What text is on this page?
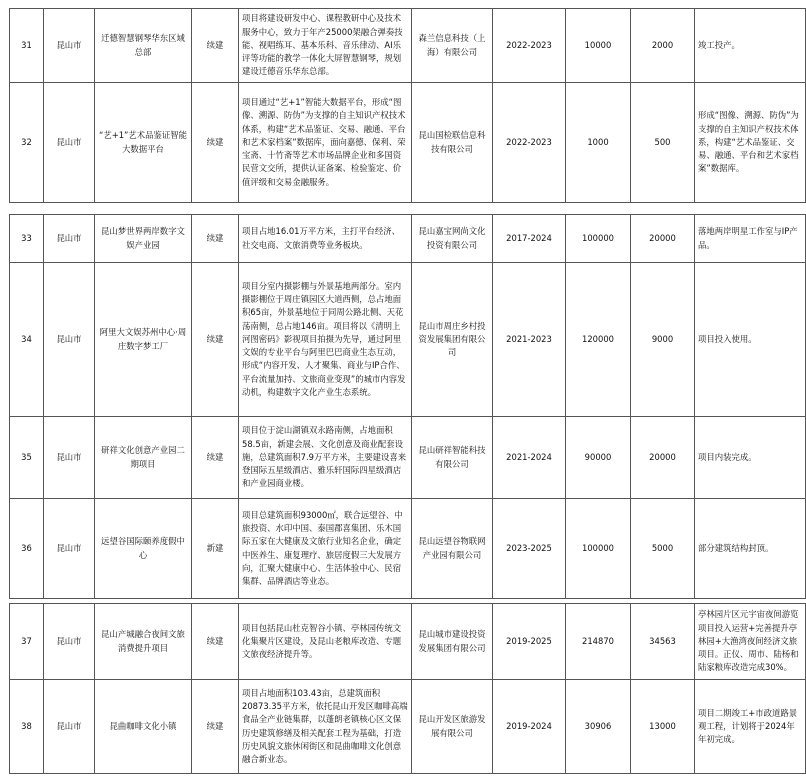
31	昆山市	迁德智慧钢琴华东区域总部	续建	项目将建设研发中心、课程教研中心及技术服务中心，致力于年产25000架融合弹奏技能、视唱练耳、基本乐科、音乐律动、AI乐评等功能的教学一体化大屏智慧钢琴，规划建设迁德音乐华东总部。	森兰信息科技（上海）有限公司	2022-2023	10000	2000	竣工投产。
32	昆山市	“艺+1”艺术品鉴证智能大数据平台	续建	项目通过“艺+1”智能大数据平台，形成“图像、溯源、防伪”为支撑的自主知识产权技术体系，构建“艺术品鉴证、交易、融通、平台和艺术家档案”数据库，面向嘉德、保利、荣宝斋、十竹斋等艺术市场品牌企业和多国资民营文交所，提供认证备案、检验鉴定、价值评级和交易金融服务。	昆山国检联信息科技有限公司	2022-2023	1000	500	形成“图像、溯源、防伪”为支撑的自主知识产权技术体系，构建“艺术品鉴证、交易、融通、平台和艺术家档案”数据库。
33	昆山市	昆山梦世界两岸数字文娱产业园	续建	项目占地16.01万平方米，主打平台经济、社交电商、文旅消费等业务板块。	昆山嘉宝网尚文化投资有限公司	2017-2024	100000	20000	落地两岸明星工作室与IP产品。
34	昆山市	阿里大文娱苏州中心·周庄数字梦工厂	续建	项目分室内摄影棚与外景基地两部分。室内摄影棚位于周庄镇园区大道西侧，总占地面积65亩，外景基地位于同周公路北侧、天花荡南侧，总占地146亩。项目将以《清明上河图密码》影视项目拍摄为先导，通过阿里文娱的专业平台与阿里巴巴商业生态互动，形成“内容开发、人才聚集、商业与IP合作、平台流量加持、文旅商业变现”的城市内容发动机，构建数字文化产业生态系统。	昆山市周庄乡村投资发展集团有限公司	2021-2023	120000	9000	项目投入使用。
35	昆山市	研祥文化创意产业园二期项目	续建	项目位于淀山湖镇双永路南侧，占地面积58.5亩，新建会展、文化创意及商业配套设施，总建筑面积7.9万平方米，主要建设喜来登国际五星级酒店、雅乐轩国际四星级酒店和产业园商业楼。	昆山研祥智能科技有限公司	2021-2024	90000	20000	项目内装完成。
36	昆山市	远望谷国际颐养度假中心	新建	项目总建筑面积93000㎡，联合远望谷、中旅投资、水印中国、泰国郡喜集团、乐木国际五家在大健康及文旅行业知名企业，确定中医养生、康复理疗、旅居度假三大发展方向，汇聚大健康中心、生活体验中心、民宿集群、品牌酒店等业态。	昆山远望谷物联网产业园有限公司	2023-2025	100000	5000	部分建筑结构封顶。
37	昆山市	昆山产城融合夜间文旅消费提升项目	续建	项目包括昆山杜克智谷小镇、亭林园传统文化集聚片区建设，及昆山老粮库改造、专题文旅夜经济提升等。	昆山城市建设投资发展集团有限公司	2019-2025	214870	34563	亭林园片区元宇宙夜间游览项目投入运营+完善提升亭林园+大渔湾夜间经济文旅项目。正仪、周市、陆杨和陆家粮库改造完成30%。
38	昆山市	昆曲咖啡文化小镇	续建	项目占地面积103.43亩，总建筑面积20873.35平方米，依托昆山开发区咖啡高端食品全产业链集群，以蓬朗老镇核心区文保历史建筑修缮及相关配套工程为基础，打造历史风貌文旅休闲街区和昆曲咖啡文化创意融合新业态。	昆山开发区旅游发展有限公司	2019-2024	30906	13000	项目二期竣工+市政道路景观工程，计划将于2024年年初完成。
